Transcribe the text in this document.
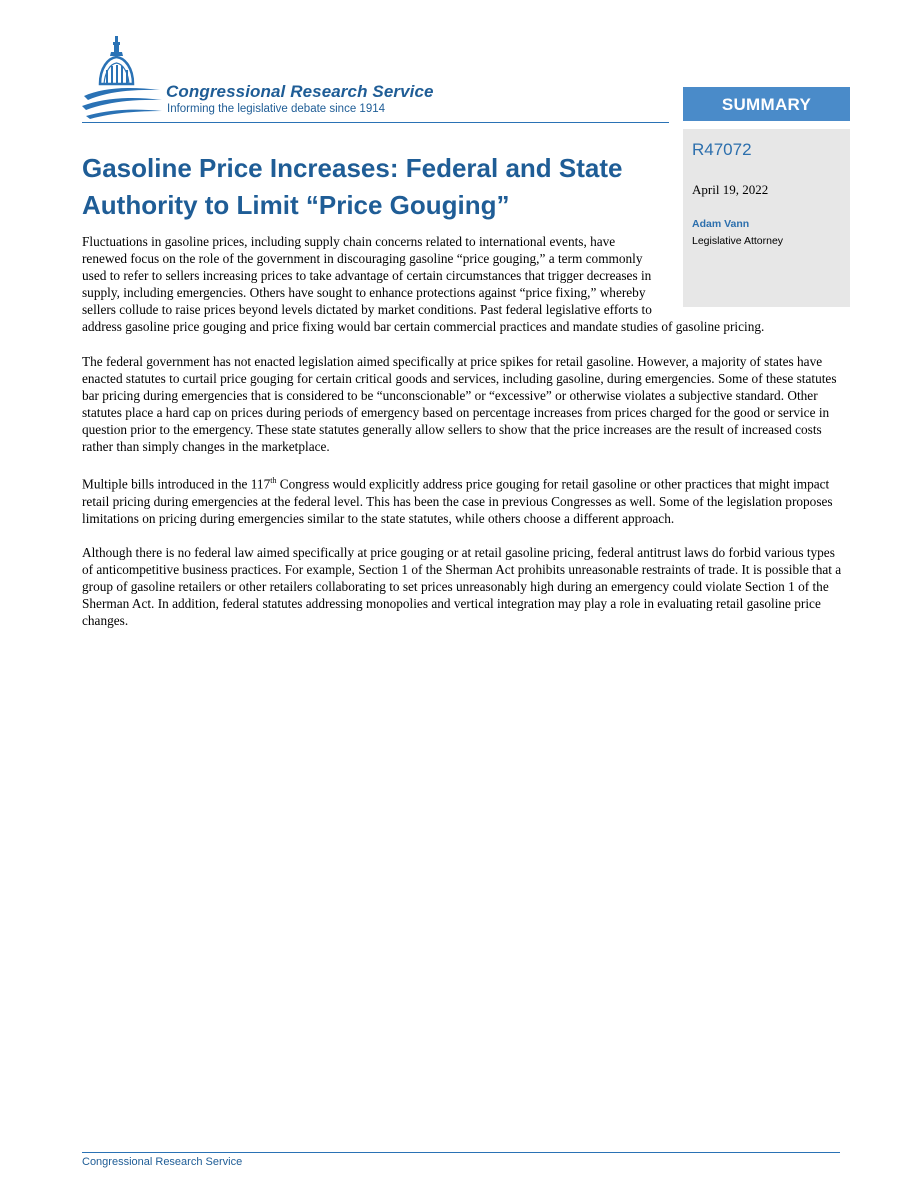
Congressional Research Service
Informing the legislative debate since 1914	SUMMARY
R47072
April 19, 2022
Adam Vann
Legislative Attorney
Gasoline Price Increases: Federal and State Authority to Limit “Price Gouging”

Fluctuations in gasoline prices, including supply chain concerns related to international events, have renewed focus on the role of the government in discouraging gasoline “price gouging,” a term commonly used to refer to sellers increasing prices to take advantage of certain circumstances that trigger decreases in supply, including emergencies. Others have sought to enhance protections against “price fixing,” whereby sellers collude to raise prices beyond levels dictated by market conditions. Past federal legislative efforts to address gasoline price gouging and price fixing would bar certain commercial practices and mandate studies of gasoline pricing.

The federal government has not enacted legislation aimed specifically at price spikes for retail gasoline. However, a majority of states have enacted statutes to curtail price gouging for certain critical goods and services, including gasoline, during emergencies. Some of these statutes bar pricing during emergencies that is considered to be “unconscionable” or “excessive” or otherwise violates a subjective standard. Other statutes place a hard cap on prices during periods of emergency based on percentage increases from prices charged for the good or service in question prior to the emergency. These state statutes generally allow sellers to show that the price increases are the result of increased costs rather than simply changes in the marketplace.

Multiple bills introduced in the 117th Congress would explicitly address price gouging for retail gasoline or other practices that might impact retail pricing during emergencies at the federal level. This has been the case in previous Congresses as well. Some of the legislation proposes limitations on pricing during emergencies similar to the state statutes, while others choose a different approach.

Although there is no federal law aimed specifically at price gouging or at retail gasoline pricing, federal antitrust laws do forbid various types of anticompetitive business practices. For example, Section 1 of the Sherman Act prohibits unreasonable restraints of trade. It is possible that a group of gasoline retailers or other retailers collaborating to set prices unreasonably high during an emergency could violate Section 1 of the Sherman Act. In addition, federal statutes addressing monopolies and vertical integration may play a role in evaluating retail gasoline price changes.

Congressional Research Service
